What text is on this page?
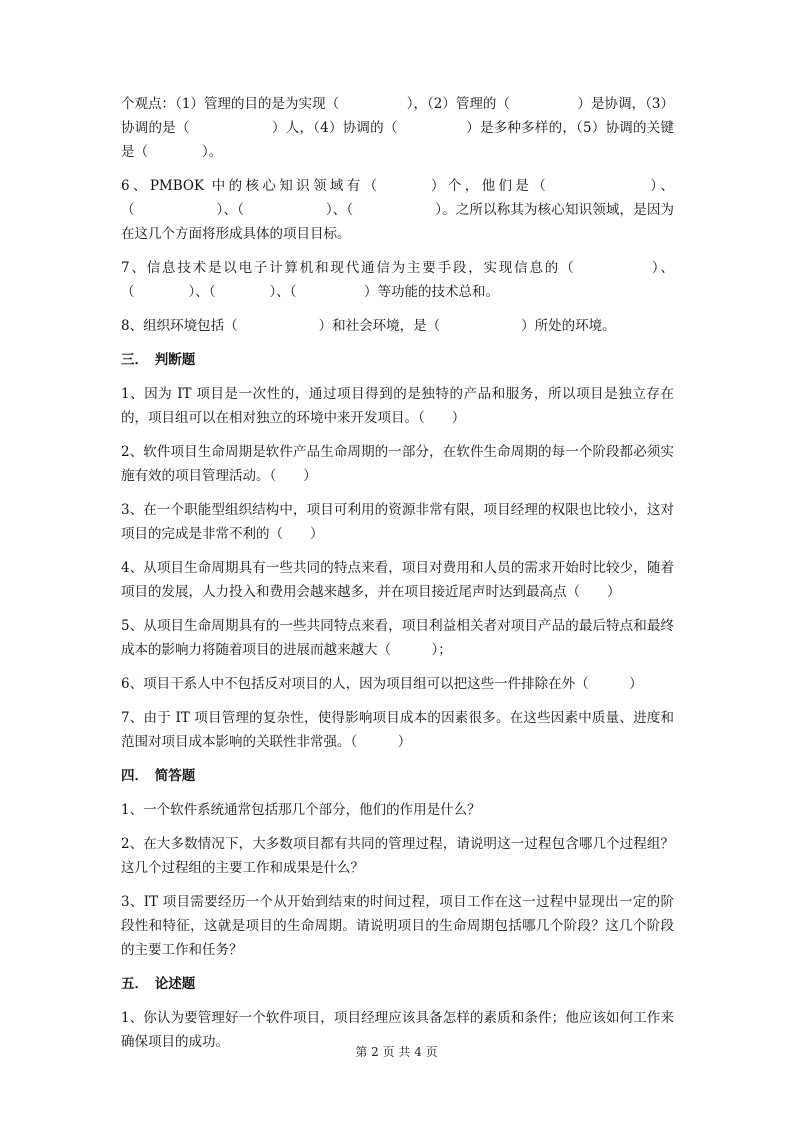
个观点：（1）管理的目的是为实现（　　　　　），（2）管理的（　　　　　）是协调，（3）协调的是（　　　　　　）人，（4）协调的（　　　　　）是多种多样的，（5）协调的关键是（　　　　）。

6、PMBOK 中的核心知识领域有（　　　）个，他们是（　　　　　　）、（　　　　　　）、（　　　　　　）、（　　　　　　）。之所以称其为核心知识领域，是因为在这几个方面将形成具体的项目目标。

7、信息技术是以电子计算机和现代通信为主要手段，实现信息的（　　　　　）、（　　　　）、（　　　　）、（　　　　　）等功能的技术总和。

8、组织环境包括（　　　　　　）和社会环境，是（　　　　　　）所处的环境。

三．　判断题

1、因为 IT 项目是一次性的，通过项目得到的是独特的产品和服务，所以项目是独立存在的，项目组可以在相对独立的环境中来开发项目。（　　）

2、软件项目生命周期是软件产品生命周期的一部分，在软件生命周期的每一个阶段都必须实施有效的项目管理活动。（　　）

3、在一个职能型组织结构中，项目可利用的资源非常有限，项目经理的权限也比较小，这对项目的完成是非常不利的（　　）

4、从项目生命周期具有一些共同的特点来看，项目对费用和人员的需求开始时比较少，随着项目的发展，人力投入和费用会越来越多，并在项目接近尾声时达到最高点（　　）

5、从项目生命周期具有的一些共同特点来看，项目利益相关者对项目产品的最后特点和最终成本的影响力将随着项目的进展而越来越大（　　　）；

6、项目干系人中不包括反对项目的人，因为项目组可以把这些一件排除在外（　　　）

7、由于 IT 项目管理的复杂性，使得影响项目成本的因素很多。在这些因素中质量、进度和范围对项目成本影响的关联性非常强。（　　　）

四．　简答题

1、一个软件系统通常包括那几个部分，他们的作用是什么？

2、在大多数情况下，大多数项目都有共同的管理过程，请说明这一过程包含哪几个过程组？这几个过程组的主要工作和成果是什么？

3、IT 项目需要经历一个从开始到结束的时间过程，项目工作在这一过程中显现出一定的阶段性和特征，这就是项目的生命周期。请说明项目的生命周期包括哪几个阶段？这几个阶段的主要工作和任务？

五．　论述题

1、你认为要管理好一个软件项目，项目经理应该具备怎样的素质和条件；他应该如何工作来确保项目的成功。

第 2 页 共 4 页
